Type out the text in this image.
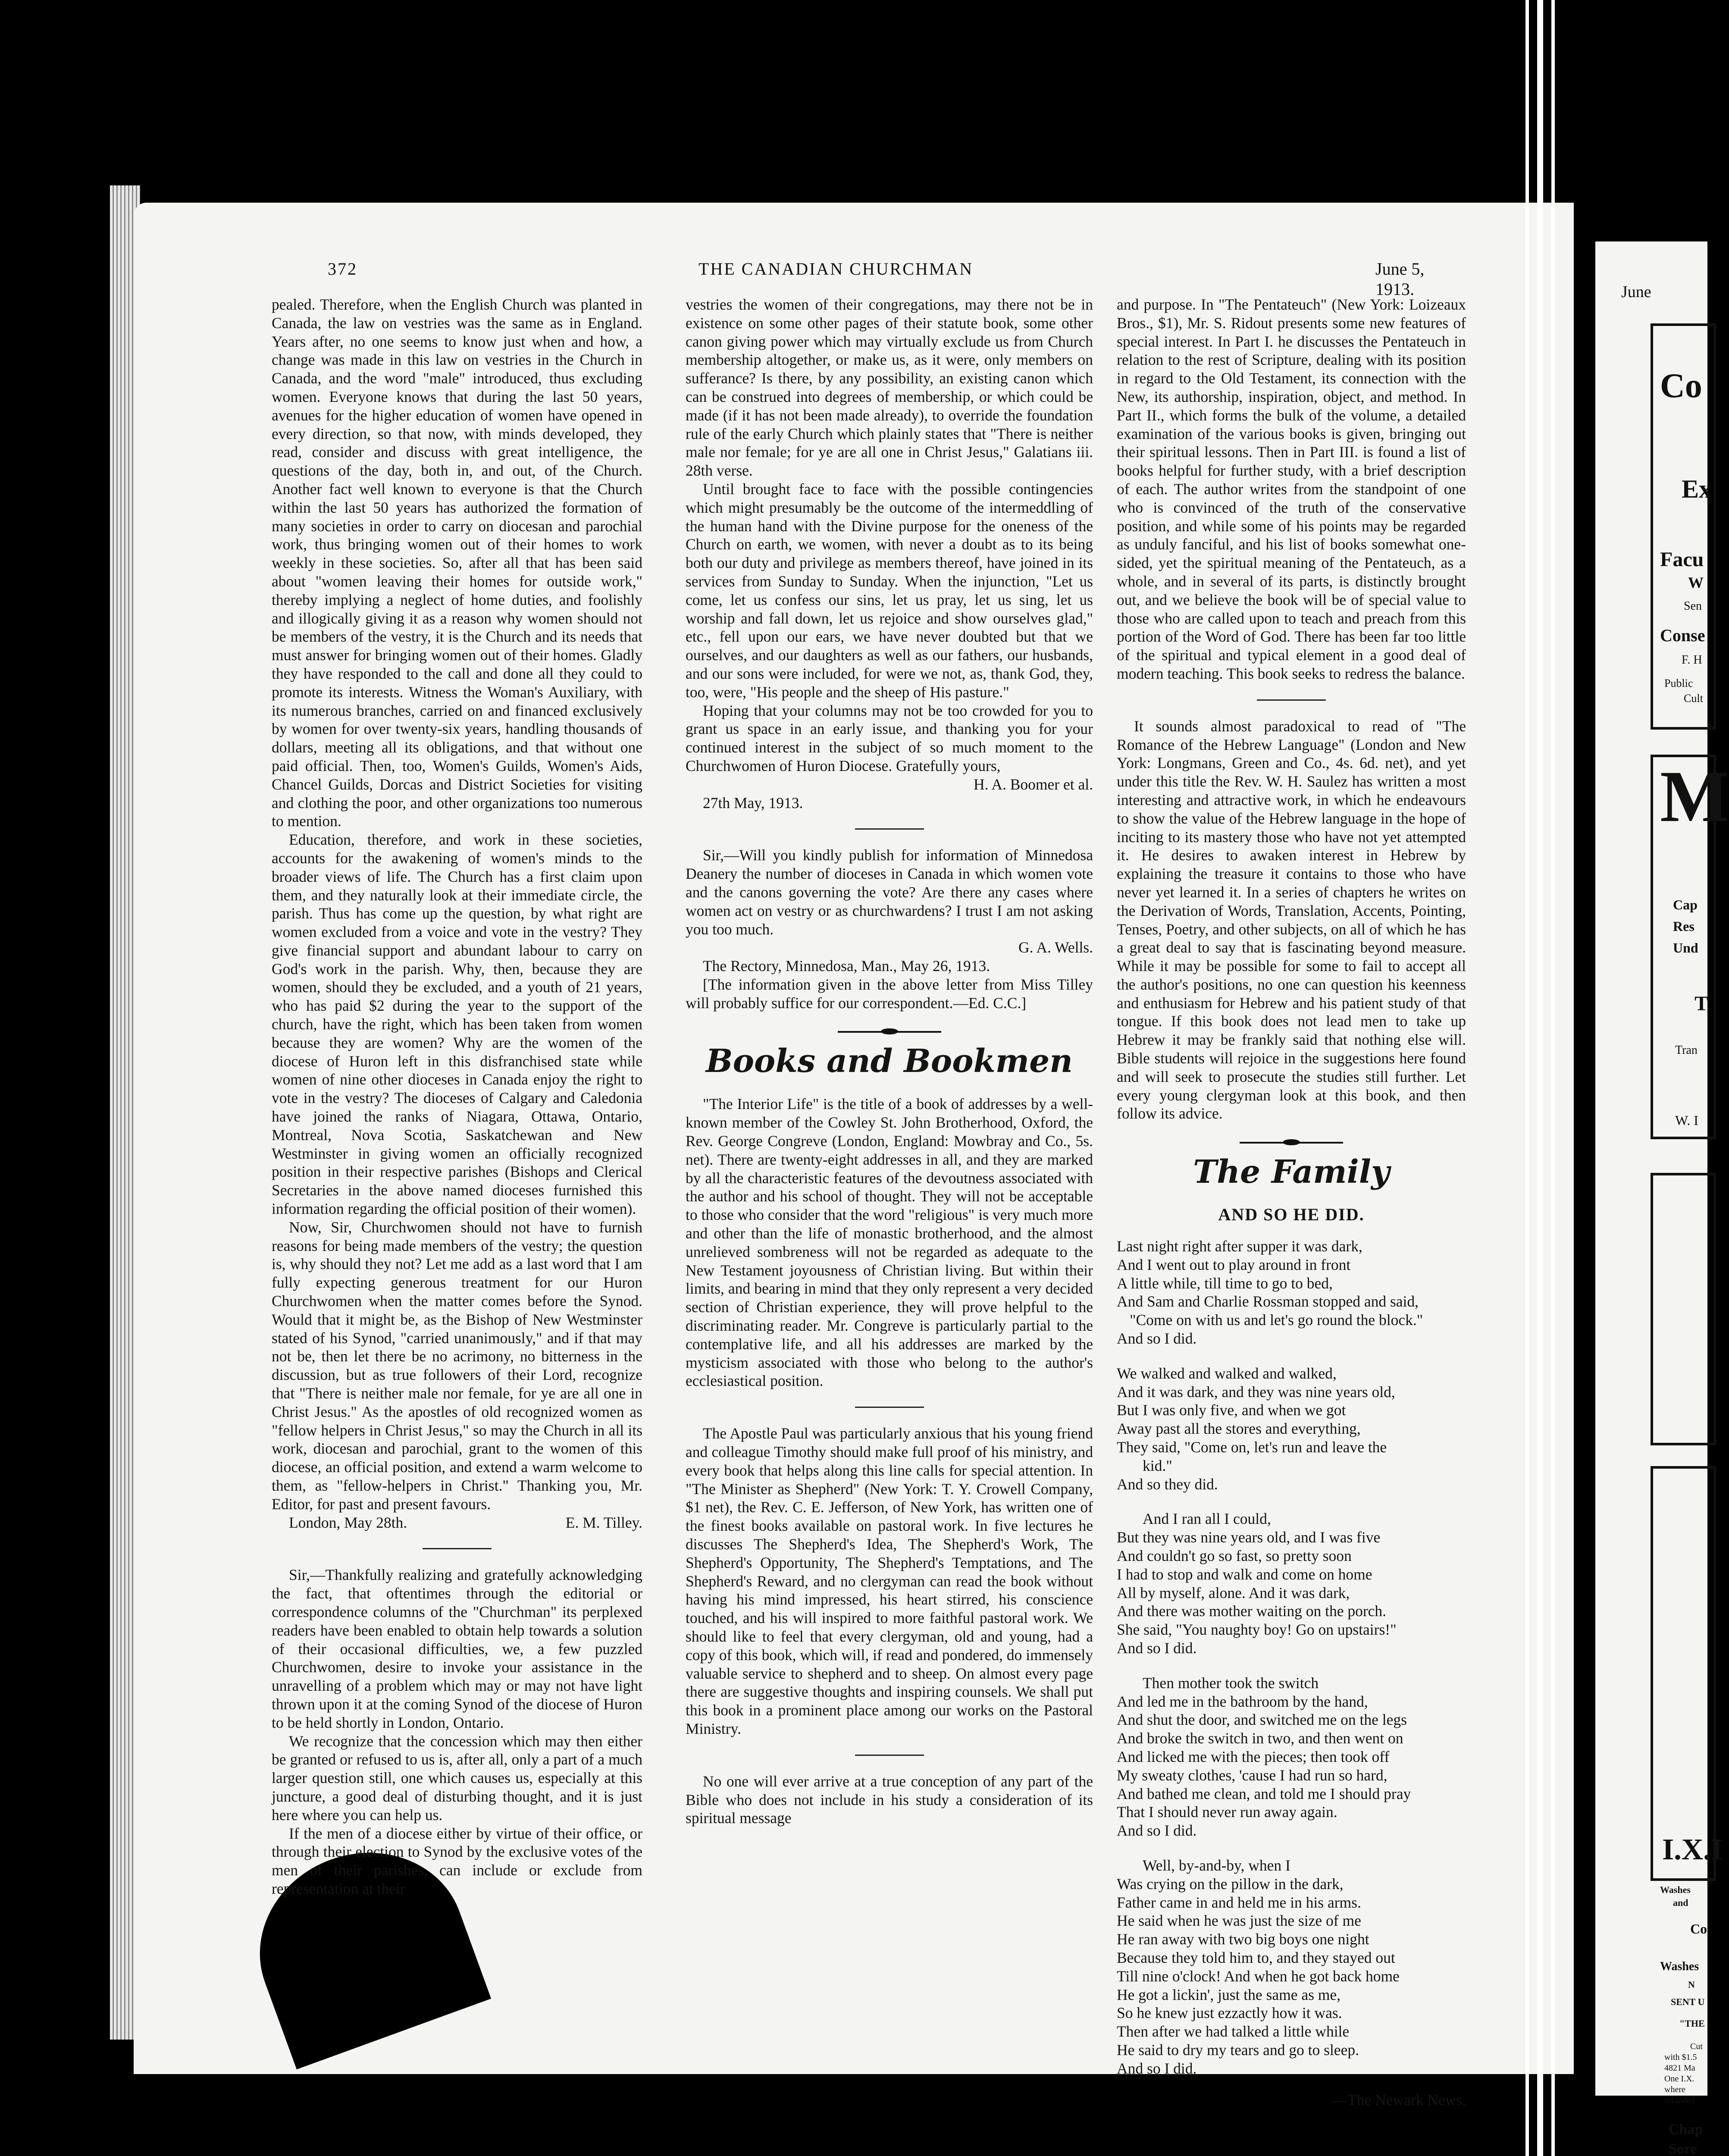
June
Co
Ex
Facu
W
Sen
Conse
F. H
Public
Cult
M
Cap
Res
Und
T
Tran
W. I
I.X.I
Washes
and
Co
Washes
N
SENT U
"THE
Cut
with $1.5
4821 Ma
One I.X.
where
refunded
Chap
Sore
372	THE CANADIAN CHURCHMAN	June 5, 1913.

pealed. Therefore, when the English Church was planted in Canada, the law on vestries was the same as in England. Years after, no one seems to know just when and how, a change was made in this law on vestries in the Church in Canada, and the word "male" introduced, thus excluding women. Everyone knows that during the last 50 years, avenues for the higher education of women have opened in every direction, so that now, with minds developed, they read, consider and discuss with great intelligence, the questions of the day, both in, and out, of the Church. Another fact well known to everyone is that the Church within the last 50 years has authorized the formation of many societies in order to carry on diocesan and parochial work, thus bringing women out of their homes to work weekly in these societies. So, after all that has been said about "women leaving their homes for outside work," thereby implying a neglect of home duties, and foolishly and illogically giving it as a reason why women should not be members of the vestry, it is the Church and its needs that must answer for bringing women out of their homes. Gladly they have responded to the call and done all they could to promote its interests. Witness the Woman's Auxiliary, with its numerous branches, carried on and financed exclusively by women for over twenty-six years, handling thousands of dollars, meeting all its obligations, and that without one paid official. Then, too, Women's Guilds, Women's Aids, Chancel Guilds, Dorcas and District Societies for visiting and clothing the poor, and other organizations too numerous to mention.

Education, therefore, and work in these societies, accounts for the awakening of women's minds to the broader views of life. The Church has a first claim upon them, and they naturally look at their immediate circle, the parish. Thus has come up the question, by what right are women excluded from a voice and vote in the vestry? They give financial support and abundant labour to carry on God's work in the parish. Why, then, because they are women, should they be excluded, and a youth of 21 years, who has paid $2 during the year to the support of the church, have the right, which has been taken from women because they are women? Why are the women of the diocese of Huron left in this disfranchised state while women of nine other dioceses in Canada enjoy the right to vote in the vestry? The dioceses of Calgary and Caledonia have joined the ranks of Niagara, Ottawa, Ontario, Montreal, Nova Scotia, Saskatchewan and New Westminster in giving women an officially recognized position in their respective parishes (Bishops and Clerical Secretaries in the above named dioceses furnished this information regarding the official position of their women).

Now, Sir, Churchwomen should not have to furnish reasons for being made members of the vestry; the question is, why should they not? Let me add as a last word that I am fully expecting generous treatment for our Huron Churchwomen when the matter comes before the Synod. Would that it might be, as the Bishop of New Westminster stated of his Synod, "carried unanimously," and if that may not be, then let there be no acrimony, no bitterness in the discussion, but as true followers of their Lord, recognize that "There is neither male nor female, for ye are all one in Christ Jesus." As the apostles of old recognized women as "fellow helpers in Christ Jesus," so may the Church in all its work, diocesan and parochial, grant to the women of this diocese, an official position, and extend a warm welcome to them, as "fellow-helpers in Christ." Thanking you, Mr. Editor, for past and present favours.

London, May 28th.	E. M. Tilley.

Sir,—Thankfully realizing and gratefully acknowledging the fact, that oftentimes through the editorial or correspondence columns of the "Churchman" its perplexed readers have been enabled to obtain help towards a solution of their occasional difficulties, we, a few puzzled Churchwomen, desire to invoke your assistance in the unravelling of a problem which may or may not have light thrown upon it at the coming Synod of the diocese of Huron to be held shortly in London, Ontario.

We recognize that the concession which may then either be granted or refused to us is, after all, only a part of a much larger question still, one which causes us, especially at this juncture, a good deal of disturbing thought, and it is just here where you can help us.

If the men of a diocese either by virtue of their office, or through their election to Synod by the exclusive votes of the men of their parishes, can include or exclude from representation at their

vestries the women of their congregations, may there not be in existence on some other pages of their statute book, some other canon giving power which may virtually exclude us from Church membership altogether, or make us, as it were, only members on sufferance? Is there, by any possibility, an existing canon which can be construed into degrees of membership, or which could be made (if it has not been made already), to override the foundation rule of the early Church which plainly states that "There is neither male nor female; for ye are all one in Christ Jesus," Galatians iii. 28th verse.

Until brought face to face with the possible contingencies which might presumably be the outcome of the intermeddling of the human hand with the Divine purpose for the oneness of the Church on earth, we women, with never a doubt as to its being both our duty and privilege as members thereof, have joined in its services from Sunday to Sunday. When the injunction, "Let us come, let us confess our sins, let us pray, let us sing, let us worship and fall down, let us rejoice and show ourselves glad," etc., fell upon our ears, we have never doubted but that we ourselves, and our daughters as well as our fathers, our husbands, and our sons were included, for were we not, as, thank God, they, too, were, "His people and the sheep of His pasture."

Hoping that your columns may not be too crowded for you to grant us space in an early issue, and thanking you for your continued interest in the subject of so much moment to the Churchwomen of Huron Diocese. Gratefully yours,

H. A. Boomer et al.

27th May, 1913.

Sir,—Will you kindly publish for information of Minnedosa Deanery the number of dioceses in Canada in which women vote and the canons governing the vote? Are there any cases where women act on vestry or as churchwardens? I trust I am not asking you too much.

G. A. Wells.

The Rectory, Minnedosa, Man., May 26, 1913.

[The information given in the above letter from Miss Tilley will probably suffice for our correspondent.—Ed. C.C.]

Books and Bookmen

"The Interior Life" is the title of a book of addresses by a well-known member of the Cowley St. John Brotherhood, Oxford, the Rev. George Congreve (London, England: Mowbray and Co., 5s. net). There are twenty-eight addresses in all, and they are marked by all the characteristic features of the devoutness associated with the author and his school of thought. They will not be acceptable to those who consider that the word "religious" is very much more and other than the life of monastic brotherhood, and the almost unrelieved sombreness will not be regarded as adequate to the New Testament joyousness of Christian living. But within their limits, and bearing in mind that they only represent a very decided section of Christian experience, they will prove helpful to the discriminating reader. Mr. Congreve is particularly partial to the contemplative life, and all his addresses are marked by the mysticism associated with those who belong to the author's ecclesiastical position.

The Apostle Paul was particularly anxious that his young friend and colleague Timothy should make full proof of his ministry, and every book that helps along this line calls for special attention. In "The Minister as Shepherd" (New York: T. Y. Crowell Company, $1 net), the Rev. C. E. Jefferson, of New York, has written one of the finest books available on pastoral work. In five lectures he discusses The Shepherd's Idea, The Shepherd's Work, The Shepherd's Opportunity, The Shepherd's Temptations, and The Shepherd's Reward, and no clergyman can read the book without having his mind impressed, his heart stirred, his conscience touched, and his will inspired to more faithful pastoral work. We should like to feel that every clergyman, old and young, had a copy of this book, which will, if read and pondered, do immensely valuable service to shepherd and to sheep. On almost every page there are suggestive thoughts and inspiring counsels. We shall put this book in a prominent place among our works on the Pastoral Ministry.

No one will ever arrive at a true conception of any part of the Bible who does not include in his study a consideration of its spiritual message

and purpose. In "The Pentateuch" (New York: Loizeaux Bros., $1), Mr. S. Ridout presents some new features of special interest. In Part I. he discusses the Pentateuch in relation to the rest of Scripture, dealing with its position in regard to the Old Testament, its connection with the New, its authorship, inspiration, object, and method. In Part II., which forms the bulk of the volume, a detailed examination of the various books is given, bringing out their spiritual lessons. Then in Part III. is found a list of books helpful for further study, with a brief description of each. The author writes from the standpoint of one who is convinced of the truth of the conservative position, and while some of his points may be regarded as unduly fanciful, and his list of books somewhat one-sided, yet the spiritual meaning of the Pentateuch, as a whole, and in several of its parts, is distinctly brought out, and we believe the book will be of special value to those who are called upon to teach and preach from this portion of the Word of God. There has been far too little of the spiritual and typical element in a good deal of modern teaching. This book seeks to redress the balance.

It sounds almost paradoxical to read of "The Romance of the Hebrew Language" (London and New York: Longmans, Green and Co., 4s. 6d. net), and yet under this title the Rev. W. H. Saulez has written a most interesting and attractive work, in which he endeavours to show the value of the Hebrew language in the hope of inciting to its mastery those who have not yet attempted it. He desires to awaken interest in Hebrew by explaining the treasure it contains to those who have never yet learned it. In a series of chapters he writes on the Derivation of Words, Translation, Accents, Pointing, Tenses, Poetry, and other subjects, on all of which he has a great deal to say that is fascinating beyond measure. While it may be possible for some to fail to accept all the author's positions, no one can question his keenness and enthusiasm for Hebrew and his patient study of that tongue. If this book does not lead men to take up Hebrew it may be frankly said that nothing else will. Bible students will rejoice in the suggestions here found and will seek to prosecute the studies still further. Let every young clergyman look at this book, and then follow its advice.

The Family
AND SO HE DID.

Last night right after supper it was dark,

And I went out to play around in front

A little while, till time to go to bed,

And Sam and Charlie Rossman stopped and said,

"Come on with us and let's go round the block."

And so I did.

We walked and walked and walked,

And it was dark, and they was nine years old,

But I was only five, and when we got

Away past all the stores and everything,

They said, "Come on, let's run and leave the

kid."

And so they did.

And I ran all I could,

But they was nine years old, and I was five

And couldn't go so fast, so pretty soon

I had to stop and walk and come on home

All by myself, alone. And it was dark,

And there was mother waiting on the porch.

She said, "You naughty boy! Go on upstairs!"

And so I did.

Then mother took the switch

And led me in the bathroom by the hand,

And shut the door, and switched me on the legs

And broke the switch in two, and then went on

And licked me with the pieces; then took off

My sweaty clothes, 'cause I had run so hard,

And bathed me clean, and told me I should pray

That I should never run away again.

And so I did.

Well, by-and-by, when I

Was crying on the pillow in the dark,

Father came in and held me in his arms.

He said when he was just the size of me

He ran away with two big boys one night

Because they told him to, and they stayed out

Till nine o'clock! And when he got back home

He got a lickin', just the same as me,

So he knew just ezzactly how it was.

Then after we had talked a little while

He said to dry my tears and go to sleep.

And so I did.

—The Newark News.
